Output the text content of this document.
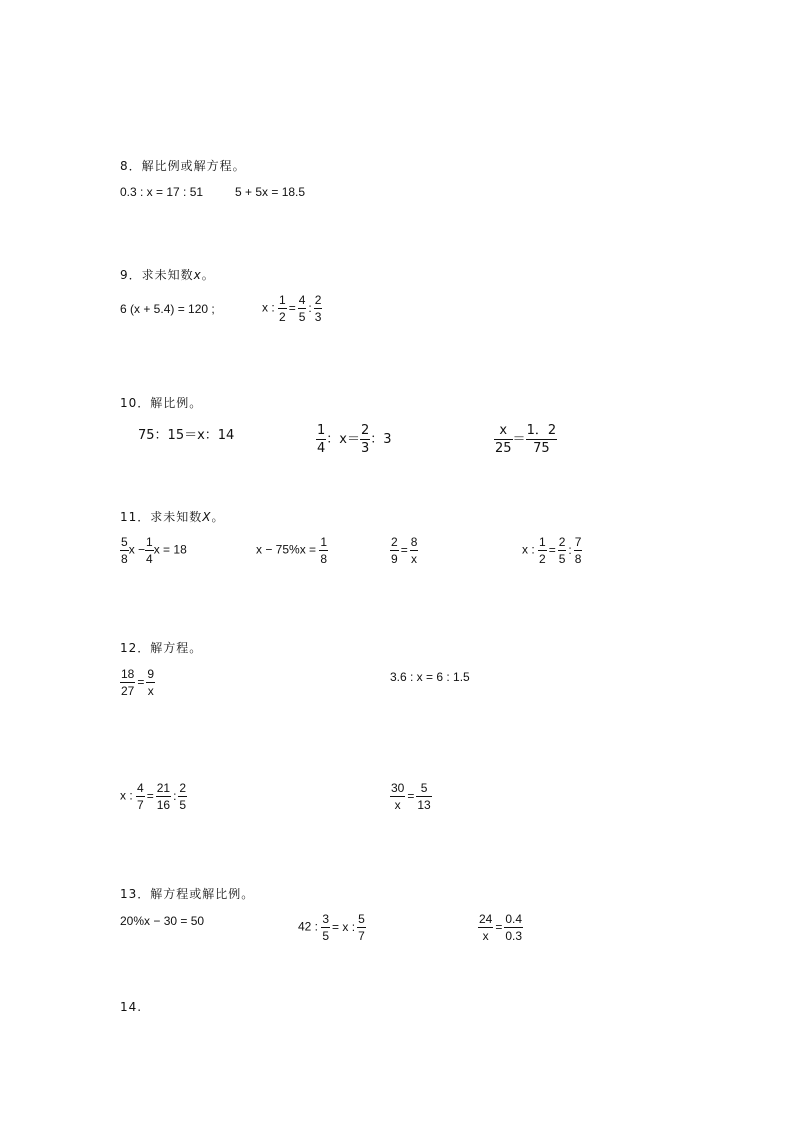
8．解比例或解方程。
0.3 : x = 17 : 51	5 + 5x = 18.5
9．求未知数x。
6 (x + 5.4) = 120 ;	x : $\frac{1}{2} = \frac{4}{5}$ : $\frac{2}{3}$
10．解比例。
75：15＝x：14	$\frac{1}{4}$ ：$x= \frac{2}{3}$ ：3	$\frac{x}{25} = \frac{1.2}{75}$
11．求未知数X。
$\frac{5}{8}$ $x - \frac{1}{4}$ x = 18	$x - 75\%x = \frac{1}{8}$	$\frac{2}{9} = \frac{8}{x}$	x : $\frac{1}{2} = \frac{2}{5}$ : $\frac{7}{8}$
12．解方程。
$\frac{18}{27} = \frac{9}{x}$	3.6 : x = 6 : 1.5
x : $\frac{4}{7} = \frac{21}{16}$ : $\frac{2}{5}$	$\frac{30}{x} = \frac{5}{13}$
13．解方程或解比例。
20%x − 30 = 50	42 : $\frac{3}{5} = x$ : $\frac{5}{7}$	$\frac{24}{x} = \frac{0.4}{0.3}$
14.
